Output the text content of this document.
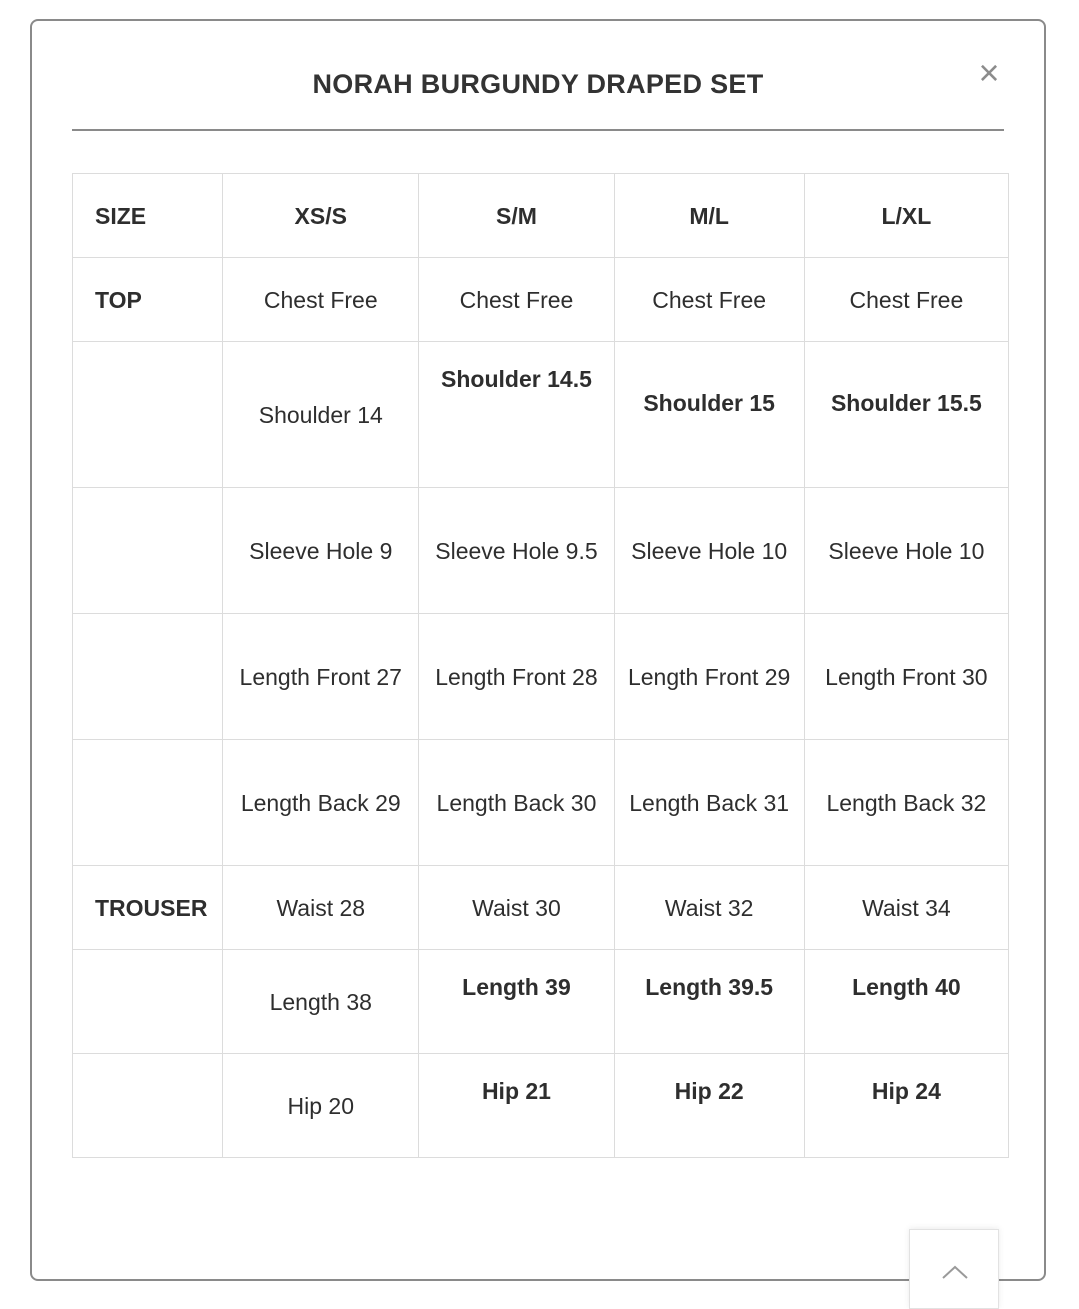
NORAH BURGUNDY DRAPED SET	×
SIZE	XS/S	S/M	M/L	L/XL
TOP	Chest Free	Chest Free	Chest Free	Chest Free
	Shoulder 14	Shoulder 14.5	Shoulder 15	Shoulder 15.5
	Sleeve Hole 9	Sleeve Hole 9.5	Sleeve Hole 10	Sleeve Hole 10
	Length Front 27	Length Front 28	Length Front 29	Length Front 30
	Length Back 29	Length Back 30	Length Back 31	Length Back 32
TROUSER	Waist 28	Waist 30	Waist 32	Waist 34
	Length 38	Length 39	Length 39.5	Length 40
	Hip 20	Hip 21	Hip 22	Hip 24
